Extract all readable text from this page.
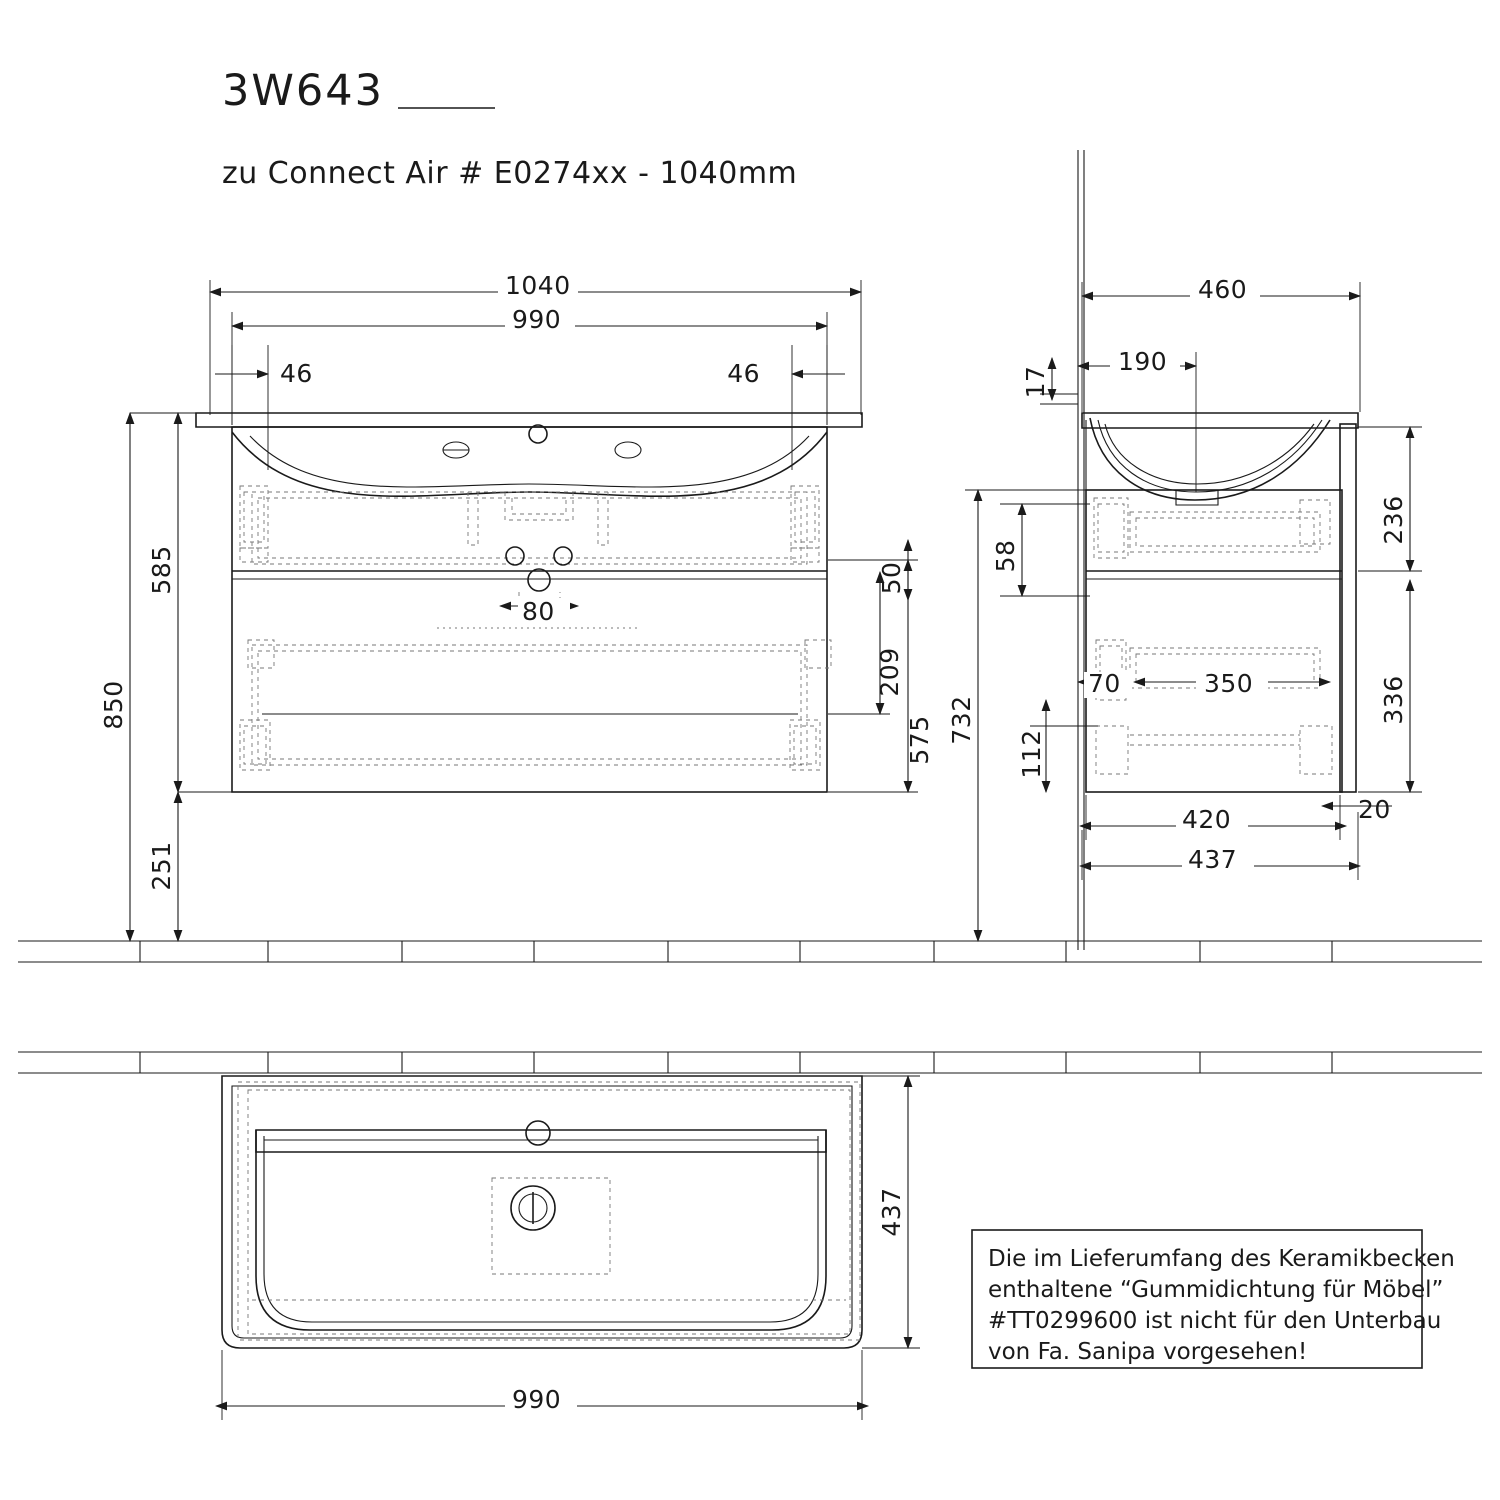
3W643
zu Connect Air # E0274xx - 1040mm
1040
990
46	46
850
585
251
575
209
50
80
460
190
17
58
732
236
336
70	350
112
420	20
437
437
990
Die im Lieferumfang des Keramikbecken
enthaltene “Gummidichtung für Möbel”
#TT0299600 ist nicht für den Unterbau
von Fa. Sanipa vorgesehen!
